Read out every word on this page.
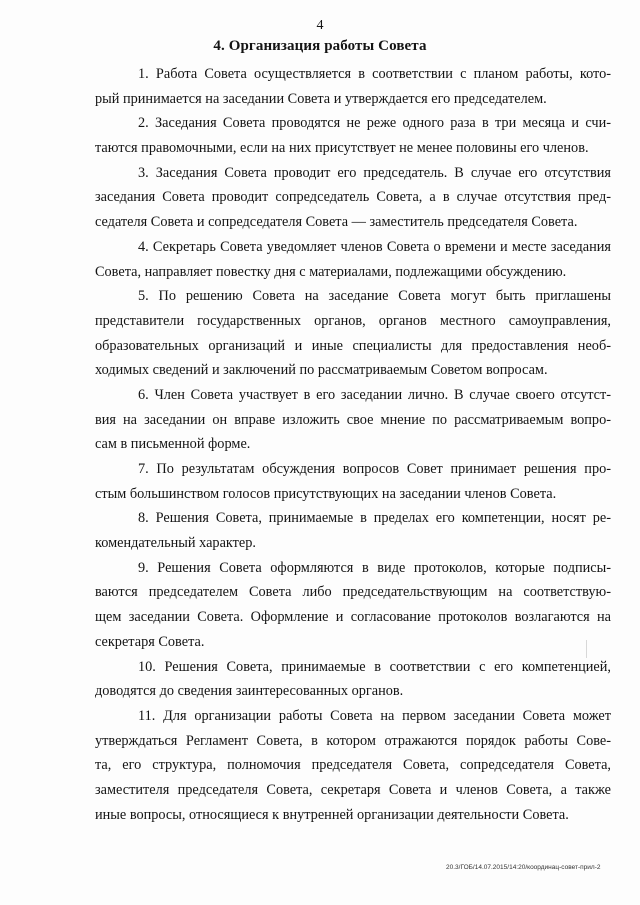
4
4. Организация работы Совета
1. Работа Совета осуществляется в соответствии с планом работы, кото-
рый принимается на заседании Совета и утверждается его председателем.
2. Заседания Совета проводятся не реже одного раза в три месяца и счи-
таются правомочными, если на них присутствует не менее половины его членов.
3. Заседания Совета проводит его председатель. В случае его отсутствия
заседания Совета проводит сопредседатель Совета, а в случае отсутствия пред-
седателя Совета и сопредседателя Совета — заместитель председателя Совета.
4. Секретарь Совета уведомляет членов Совета о времени и месте заседания
Совета, направляет повестку дня с материалами, подлежащими обсуждению.
5. По решению Совета на заседание Совета могут быть приглашены
представители государственных органов, органов местного самоуправления,
образовательных организаций и иные специалисты для предоставления необ-
ходимых сведений и заключений по рассматриваемым Советом вопросам.
6. Член Совета участвует в его заседании лично. В случае своего отсутст-
вия на заседании он вправе изложить свое мнение по рассматриваемым вопро-
сам в письменной форме.
7. По результатам обсуждения вопросов Совет принимает решения про-
стым большинством голосов присутствующих на заседании членов Совета.
8. Решения Совета, принимаемые в пределах его компетенции, носят ре-
комендательный характер.
9. Решения Совета оформляются в виде протоколов, которые подписы-
ваются председателем Совета либо председательствующим на соответствую-
щем заседании Совета. Оформление и согласование протоколов возлагаются на
секретаря Совета.
10. Решения Совета, принимаемые в соответствии с его компетенцией,
доводятся до сведения заинтересованных органов.
11. Для организации работы Совета на первом заседании Совета может
утверждаться Регламент Совета, в котором отражаются порядок работы Сове-
та, его структура, полномочия председателя Совета, сопредседателя Совета,
заместителя председателя Совета, секретаря Совета и членов Совета, а также
иные вопросы, относящиеся к внутренней организации деятельности Совета.
20.3/ГОБ/14.07.2015/14:20/координац-совет-прил-2
